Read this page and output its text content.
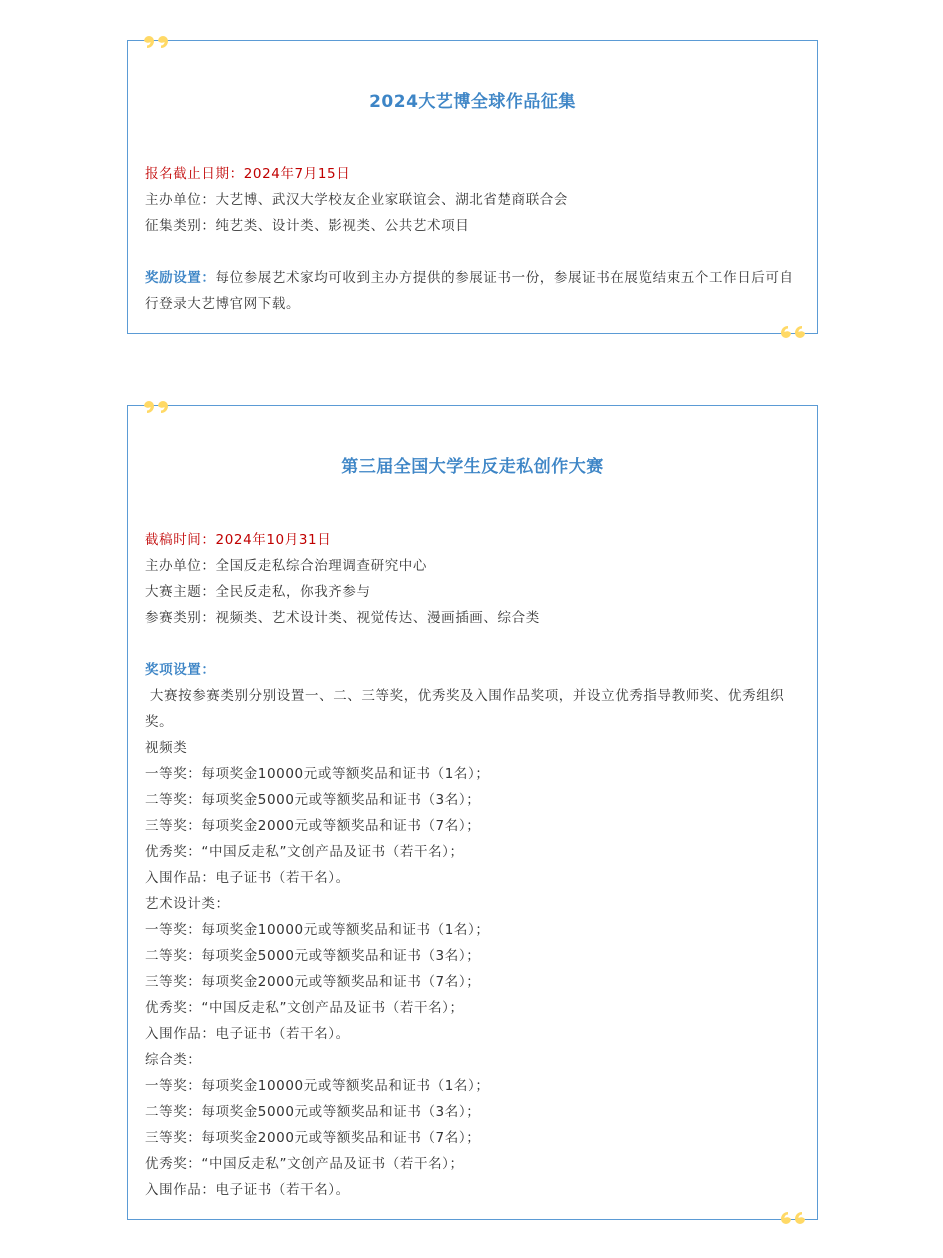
2024大艺博全球作品征集
报名截止日期：2024年7月15日
主办单位：大艺博、武汉大学校友企业家联谊会、湖北省楚商联合会
征集类别：纯艺类、设计类、影视类、公共艺术项目
奖励设置：每位参展艺术家均可收到主办方提供的参展证书一份，参展证书在展览结束五个工作日后可自行登录大艺博官网下载。
第三届全国大学生反走私创作大赛
截稿时间：2024年10月31日
主办单位：全国反走私综合治理调查研究中心
大赛主题：全民反走私，你我齐参与
参赛类别：视频类、艺术设计类、视觉传达、漫画插画、综合类
奖项设置：
大赛按参赛类别分别设置一、二、三等奖，优秀奖及入围作品奖项，并设立优秀指导教师奖、优秀组织奖。
视频类
一等奖：每项奖金10000元或等额奖品和证书（1名）；
二等奖：每项奖金5000元或等额奖品和证书（3名）；
三等奖：每项奖金2000元或等额奖品和证书（7名）；
优秀奖：“中国反走私”文创产品及证书（若干名）；
入围作品：电子证书（若干名）。
艺术设计类：
一等奖：每项奖金10000元或等额奖品和证书（1名）；
二等奖：每项奖金5000元或等额奖品和证书（3名）；
三等奖：每项奖金2000元或等额奖品和证书（7名）；
优秀奖：“中国反走私”文创产品及证书（若干名）；
入围作品：电子证书（若干名）。
综合类：
一等奖：每项奖金10000元或等额奖品和证书（1名）；
二等奖：每项奖金5000元或等额奖品和证书（3名）；
三等奖：每项奖金2000元或等额奖品和证书（7名）；
优秀奖：“中国反走私”文创产品及证书（若干名）；
入围作品：电子证书（若干名）。
